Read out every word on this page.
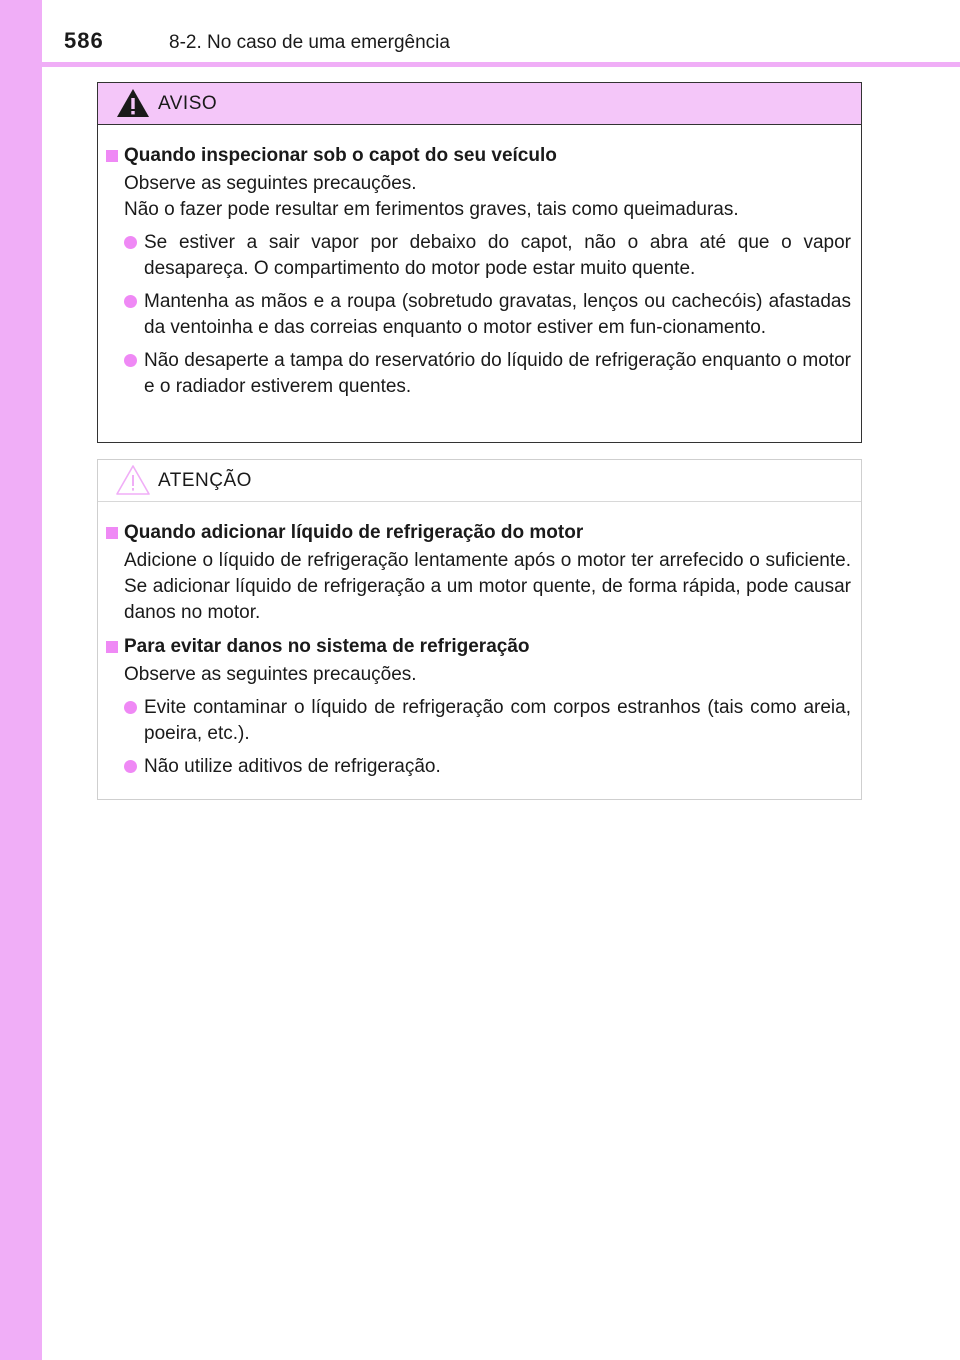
586	8-2. No caso de uma emergência
AVISO
Quando inspecionar sob o capot do seu veículo
Observe as seguintes precauções.
Não o fazer pode resultar em ferimentos graves, tais como queimaduras.
Se estiver a sair vapor por debaixo do capot, não o abra até que o vapor desapareça. O compartimento do motor pode estar muito quente.
Mantenha as mãos e a roupa (sobretudo gravatas, lenços ou cachecóis) afastadas da ventoinha e das correias enquanto o motor estiver em fun-cionamento.
Não desaperte a tampa do reservatório do líquido de refrigeração enquanto o motor e o radiador estiverem quentes.
ATENÇÃO
Quando adicionar líquido de refrigeração do motor
Adicione o líquido de refrigeração lentamente após o motor ter arrefecido o suficiente. Se adicionar líquido de refrigeração a um motor quente, de forma rápida, pode causar danos no motor.
Para evitar danos no sistema de refrigeração
Observe as seguintes precauções.
Evite contaminar o líquido de refrigeração com corpos estranhos (tais como areia, poeira, etc.).
Não utilize aditivos de refrigeração.
